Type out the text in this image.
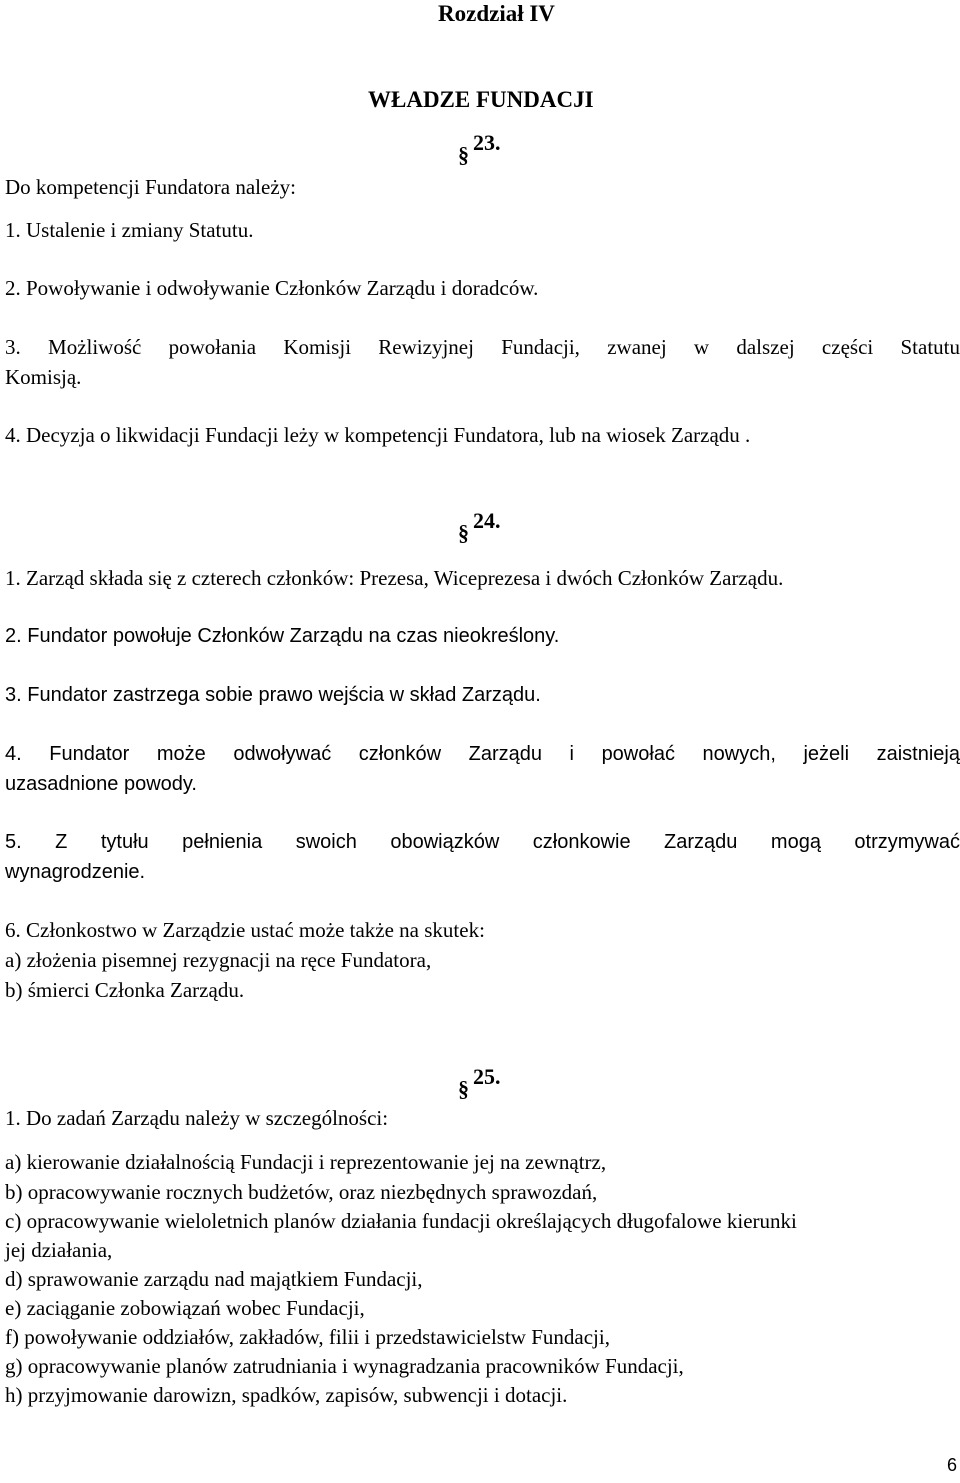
Rozdział IV
WŁADZE FUNDACJI
§ 23.
Do kompetencji Fundatora należy:
1. Ustalenie i zmiany Statutu.
2. Powoływanie i odwoływanie Członków Zarządu i doradców.
3. Możliwość powołania Komisji Rewizyjnej Fundacji, zwanej w dalszej części Statutu
Komisją.
4. Decyzja o likwidacji Fundacji leży w kompetencji Fundatora, lub na wiosek Zarządu .
§ 24.
1. Zarząd składa się z czterech członków: Prezesa, Wiceprezesa i dwóch Członków Zarządu.
2. Fundator powołuje Członków Zarządu na czas nieokreślony.
3. Fundator zastrzega sobie prawo wejścia w skład Zarządu.
4. Fundator może odwoływać członków Zarządu i powołać nowych, jeżeli zaistnieją
uzasadnione powody.
5. Z tytułu pełnienia swoich obowiązków członkowie Zarządu mogą otrzymywać
wynagrodzenie.
6. Członkostwo w Zarządzie ustać może także na skutek:
a) złożenia pisemnej rezygnacji na ręce Fundatora,
b) śmierci Członka Zarządu.
§ 25.
1. Do zadań Zarządu należy w szczególności:
a) kierowanie działalnością Fundacji i reprezentowanie jej na zewnątrz,
b) opracowywanie rocznych budżetów, oraz niezbędnych sprawozdań,
c) opracowywanie wieloletnich planów działania fundacji określających długofalowe kierunki
jej działania,
d) sprawowanie zarządu nad majątkiem Fundacji,
e) zaciąganie zobowiązań wobec Fundacji,
f) powoływanie oddziałów, zakładów, filii i przedstawicielstw Fundacji,
g) opracowywanie planów zatrudniania i wynagradzania pracowników Fundacji,
h) przyjmowanie darowizn, spadków, zapisów, subwencji i dotacji.
6
